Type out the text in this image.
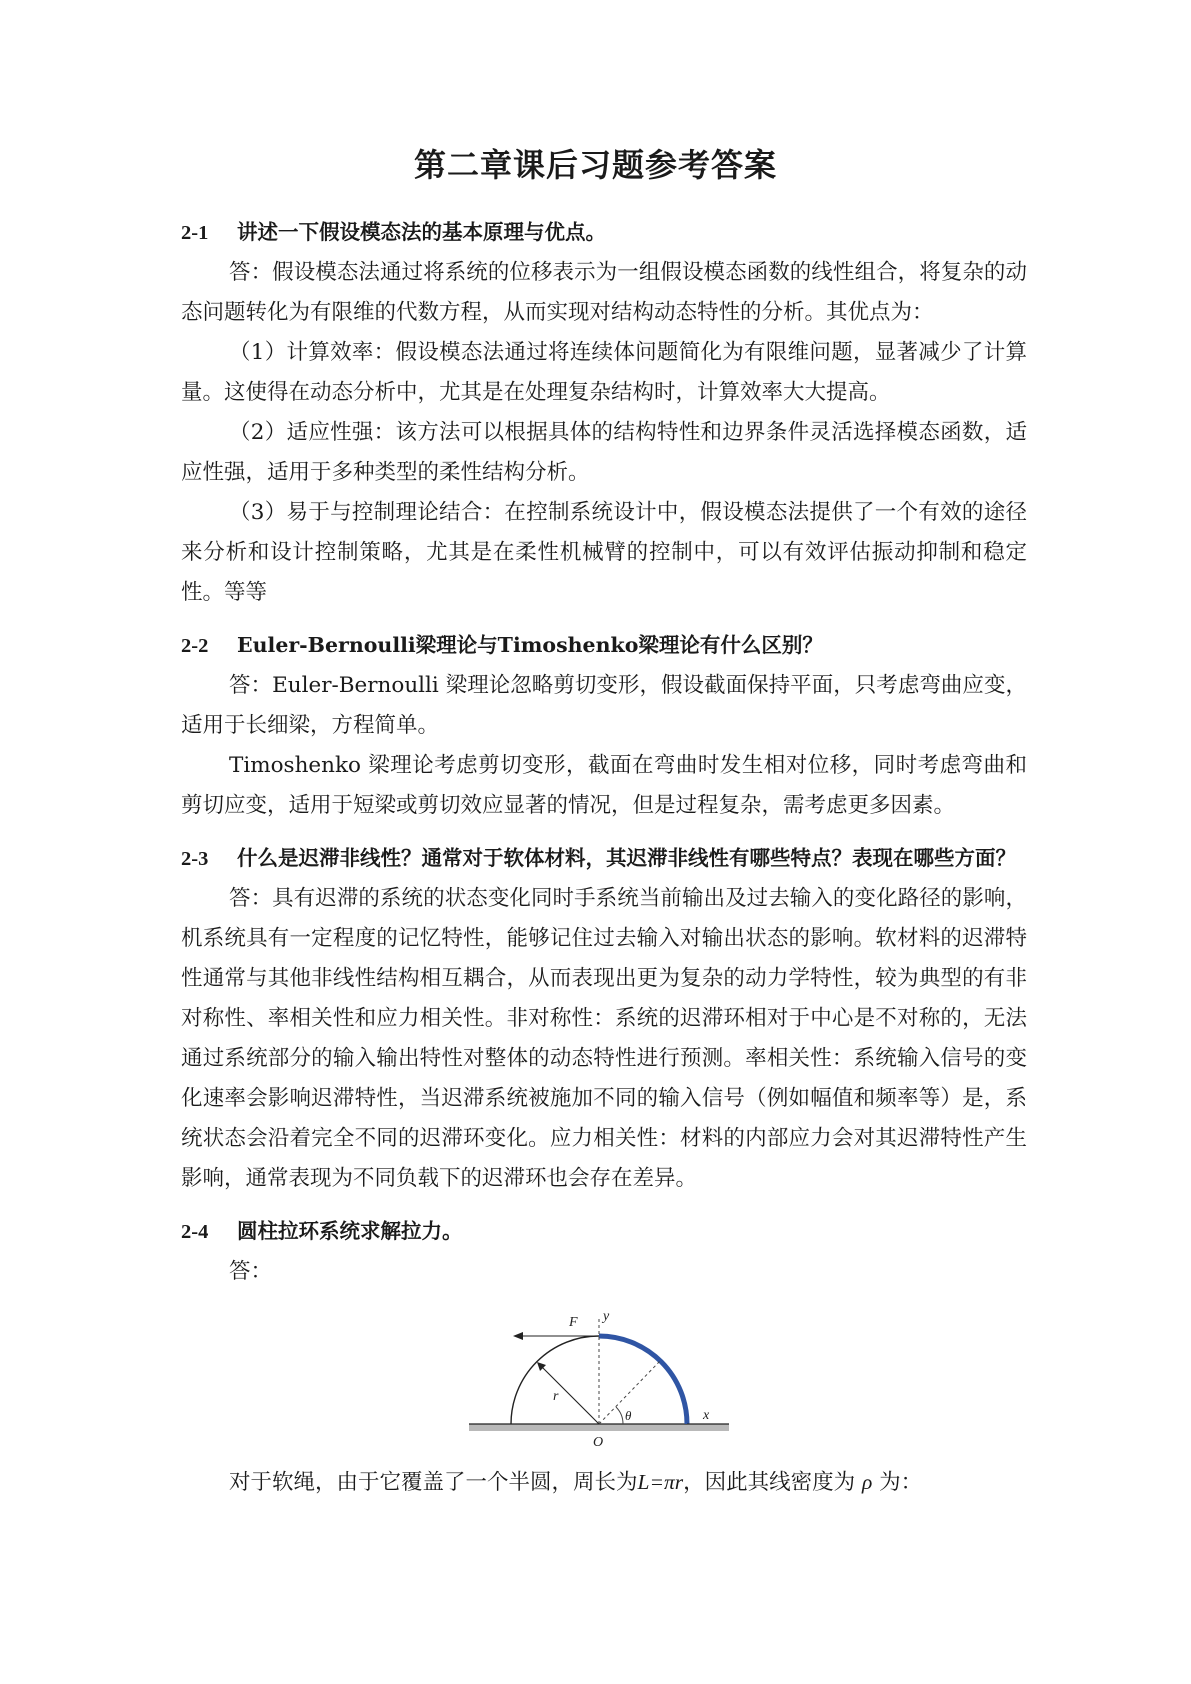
第二章课后习题参考答案

2-1 讲述一下假设模态法的基本原理与优点。

答：假设模态法通过将系统的位移表示为一组假设模态函数的线性组合，将复杂的动态问题转化为有限维的代数方程，从而实现对结构动态特性的分析。其优点为：

（1）计算效率：假设模态法通过将连续体问题简化为有限维问题，显著减少了计算量。这使得在动态分析中，尤其是在处理复杂结构时，计算效率大大提高。

（2）适应性强：该方法可以根据具体的结构特性和边界条件灵活选择模态函数，适应性强，适用于多种类型的柔性结构分析。

（3）易于与控制理论结合：在控制系统设计中，假设模态法提供了一个有效的途径来分析和设计控制策略，尤其是在柔性机械臂的控制中，可以有效评估振动抑制和稳定性。等等

2-2 Euler-Bernoulli梁理论与Timoshenko梁理论有什么区别？

答：Euler-Bernoulli 梁理论忽略剪切变形，假设截面保持平面，只考虑弯曲应变，适用于长细梁，方程简单。

Timoshenko 梁理论考虑剪切变形，截面在弯曲时发生相对位移，同时考虑弯曲和剪切应变，适用于短梁或剪切效应显著的情况，但是过程复杂，需考虑更多因素。

2-3 什么是迟滞非线性？通常对于软体材料，其迟滞非线性有哪些特点？表现在哪些方面？

答：具有迟滞的系统的状态变化同时手系统当前输出及过去输入的变化路径的影响，机系统具有一定程度的记忆特性，能够记住过去输入对输出状态的影响。软材料的迟滞特性通常与其他非线性结构相互耦合，从而表现出更为复杂的动力学特性，较为典型的有非对称性、率相关性和应力相关性。非对称性：系统的迟滞环相对于中心是不对称的，无法通过系统部分的输入输出特性对整体的动态特性进行预测。率相关性：系统输入信号的变化速率会影响迟滞特性，当迟滞系统被施加不同的输入信号（例如幅值和频率等）是，系统状态会沿着完全不同的迟滞环变化。应力相关性：材料的内部应力会对其迟滞特性产生影响，通常表现为不同负载下的迟滞环也会存在差异。

2-4 圆柱拉环系统求解拉力。

答：

F y
r
θ	x
O

对于软绳，由于它覆盖了一个半圆，周长为L=πr，因此其线密度为 ρ 为：
